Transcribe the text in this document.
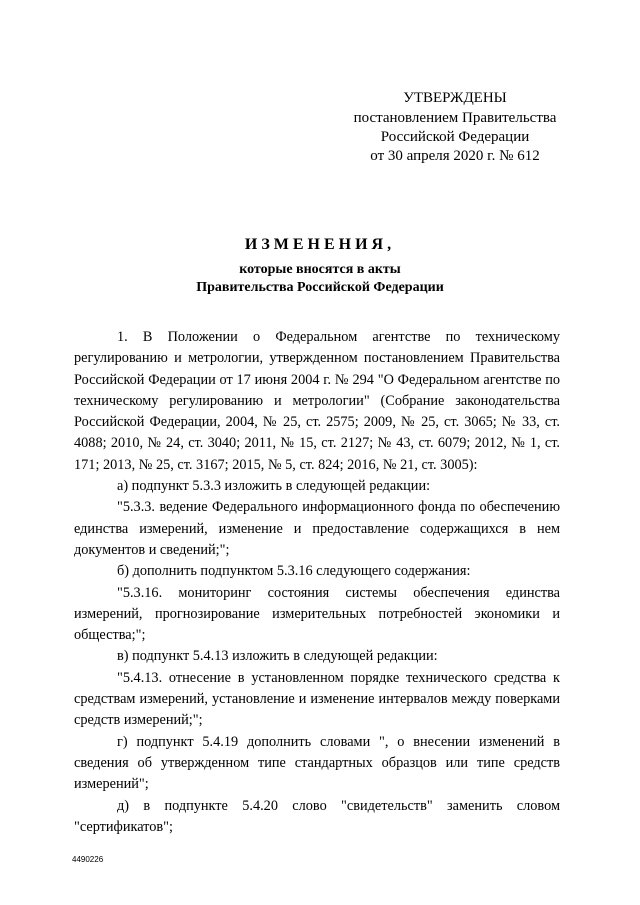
УТВЕРЖДЕНЫ
постановлением Правительства
Российской Федерации
от 30 апреля 2020 г. № 612
ИЗМЕНЕНИЯ,
которые вносятся в акты
Правительства Российской Федерации

1. В Положении о Федеральном агентстве по техническому регулированию и метрологии, утвержденном постановлением Правительства Российской Федерации от 17 июня 2004 г. № 294 "О Федеральном агентстве по техническому регулированию и метрологии" (Собрание законодательства Российской Федерации, 2004, № 25, ст. 2575; 2009, № 25, ст. 3065; № 33, ст. 4088; 2010, № 24, ст. 3040; 2011, № 15, ст. 2127; № 43, ст. 6079; 2012, № 1, ст. 171; 2013, № 25, ст. 3167; 2015, № 5, ст. 824; 2016, № 21, ст. 3005):

а) подпункт 5.3.3 изложить в следующей редакции:

"5.3.3. ведение Федерального информационного фонда по обеспечению единства измерений, изменение и предоставление содержащихся в нем документов и сведений;";

б) дополнить подпунктом 5.3.16 следующего содержания:

"5.3.16. мониторинг состояния системы обеспечения единства измерений, прогнозирование измерительных потребностей экономики и общества;";

в) подпункт 5.4.13 изложить в следующей редакции:

"5.4.13. отнесение в установленном порядке технического средства к средствам измерений, установление и изменение интервалов между поверками средств измерений;";

г) подпункт 5.4.19 дополнить словами ", о внесении изменений в сведения об утвержденном типе стандартных образцов или типе средств измерений";

д) в подпункте 5.4.20 слово "свидетельств" заменить словом "сертификатов";

4490226
